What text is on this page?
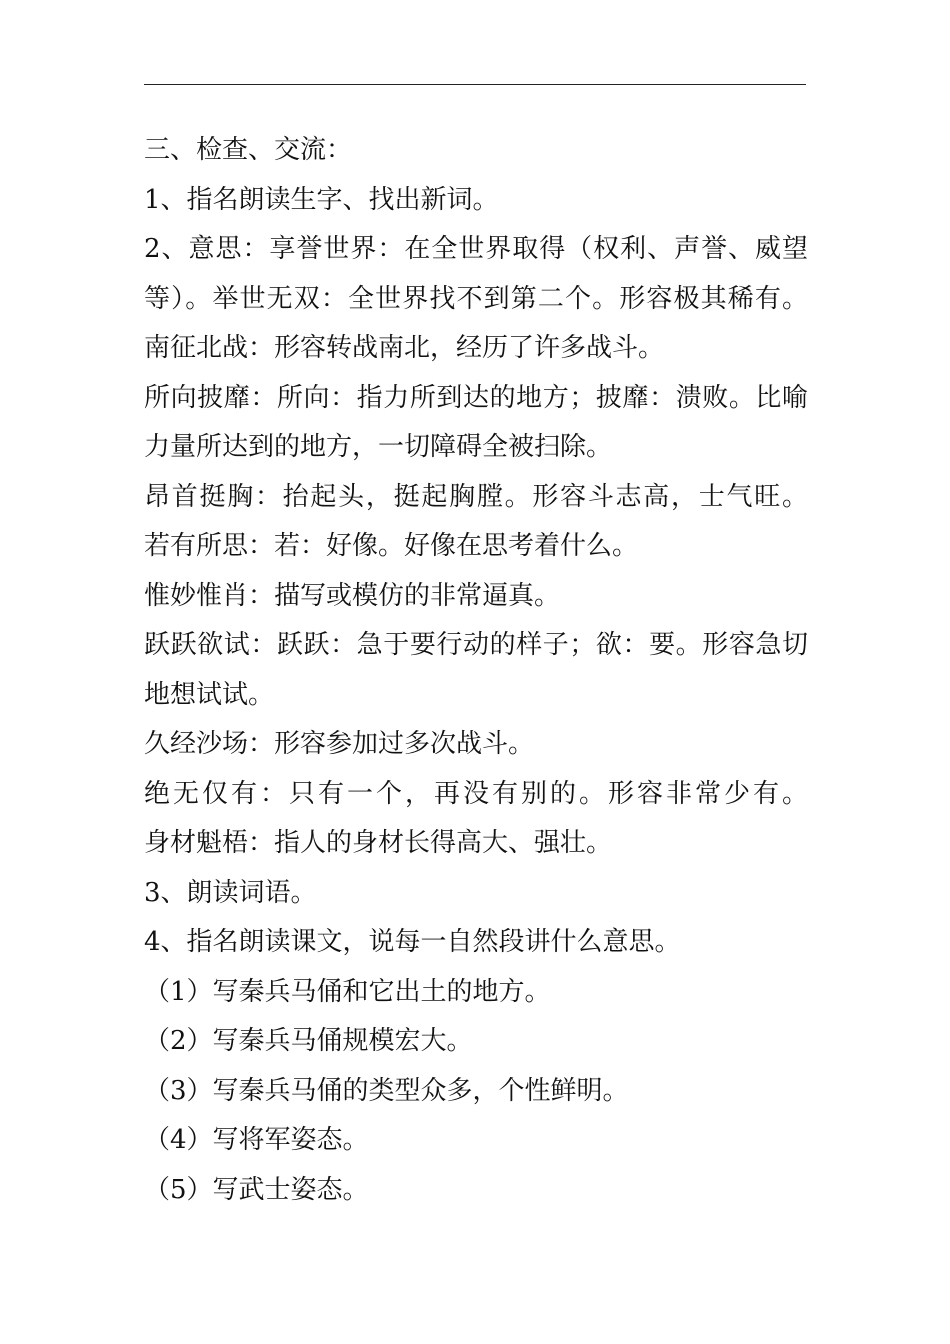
三、检查、交流：
1、指名朗读生字、找出新词。
2、意思：享誉世界：在全世界取得（权利、声誉、威望
等）。举世无双：全世界找不到第二个。形容极其稀有。
南征北战：形容转战南北，经历了许多战斗。
所向披靡：所向：指力所到达的地方；披靡：溃败。比喻
力量所达到的地方，一切障碍全被扫除。
昂首挺胸：抬起头，挺起胸膛。形容斗志高，士气旺。
若有所思：若：好像。好像在思考着什么。
惟妙惟肖：描写或模仿的非常逼真。
跃跃欲试：跃跃：急于要行动的样子；欲：要。形容急切
地想试试。
久经沙场：形容参加过多次战斗。
绝无仅有：只有一个，再没有别的。形容非常少有。
身材魁梧：指人的身材长得高大、强壮。
3、朗读词语。
4、指名朗读课文，说每一自然段讲什么意思。
（1）写秦兵马俑和它出土的地方。
（2）写秦兵马俑规模宏大。
（3）写秦兵马俑的类型众多，个性鲜明。
（4）写将军姿态。
（5）写武士姿态。
